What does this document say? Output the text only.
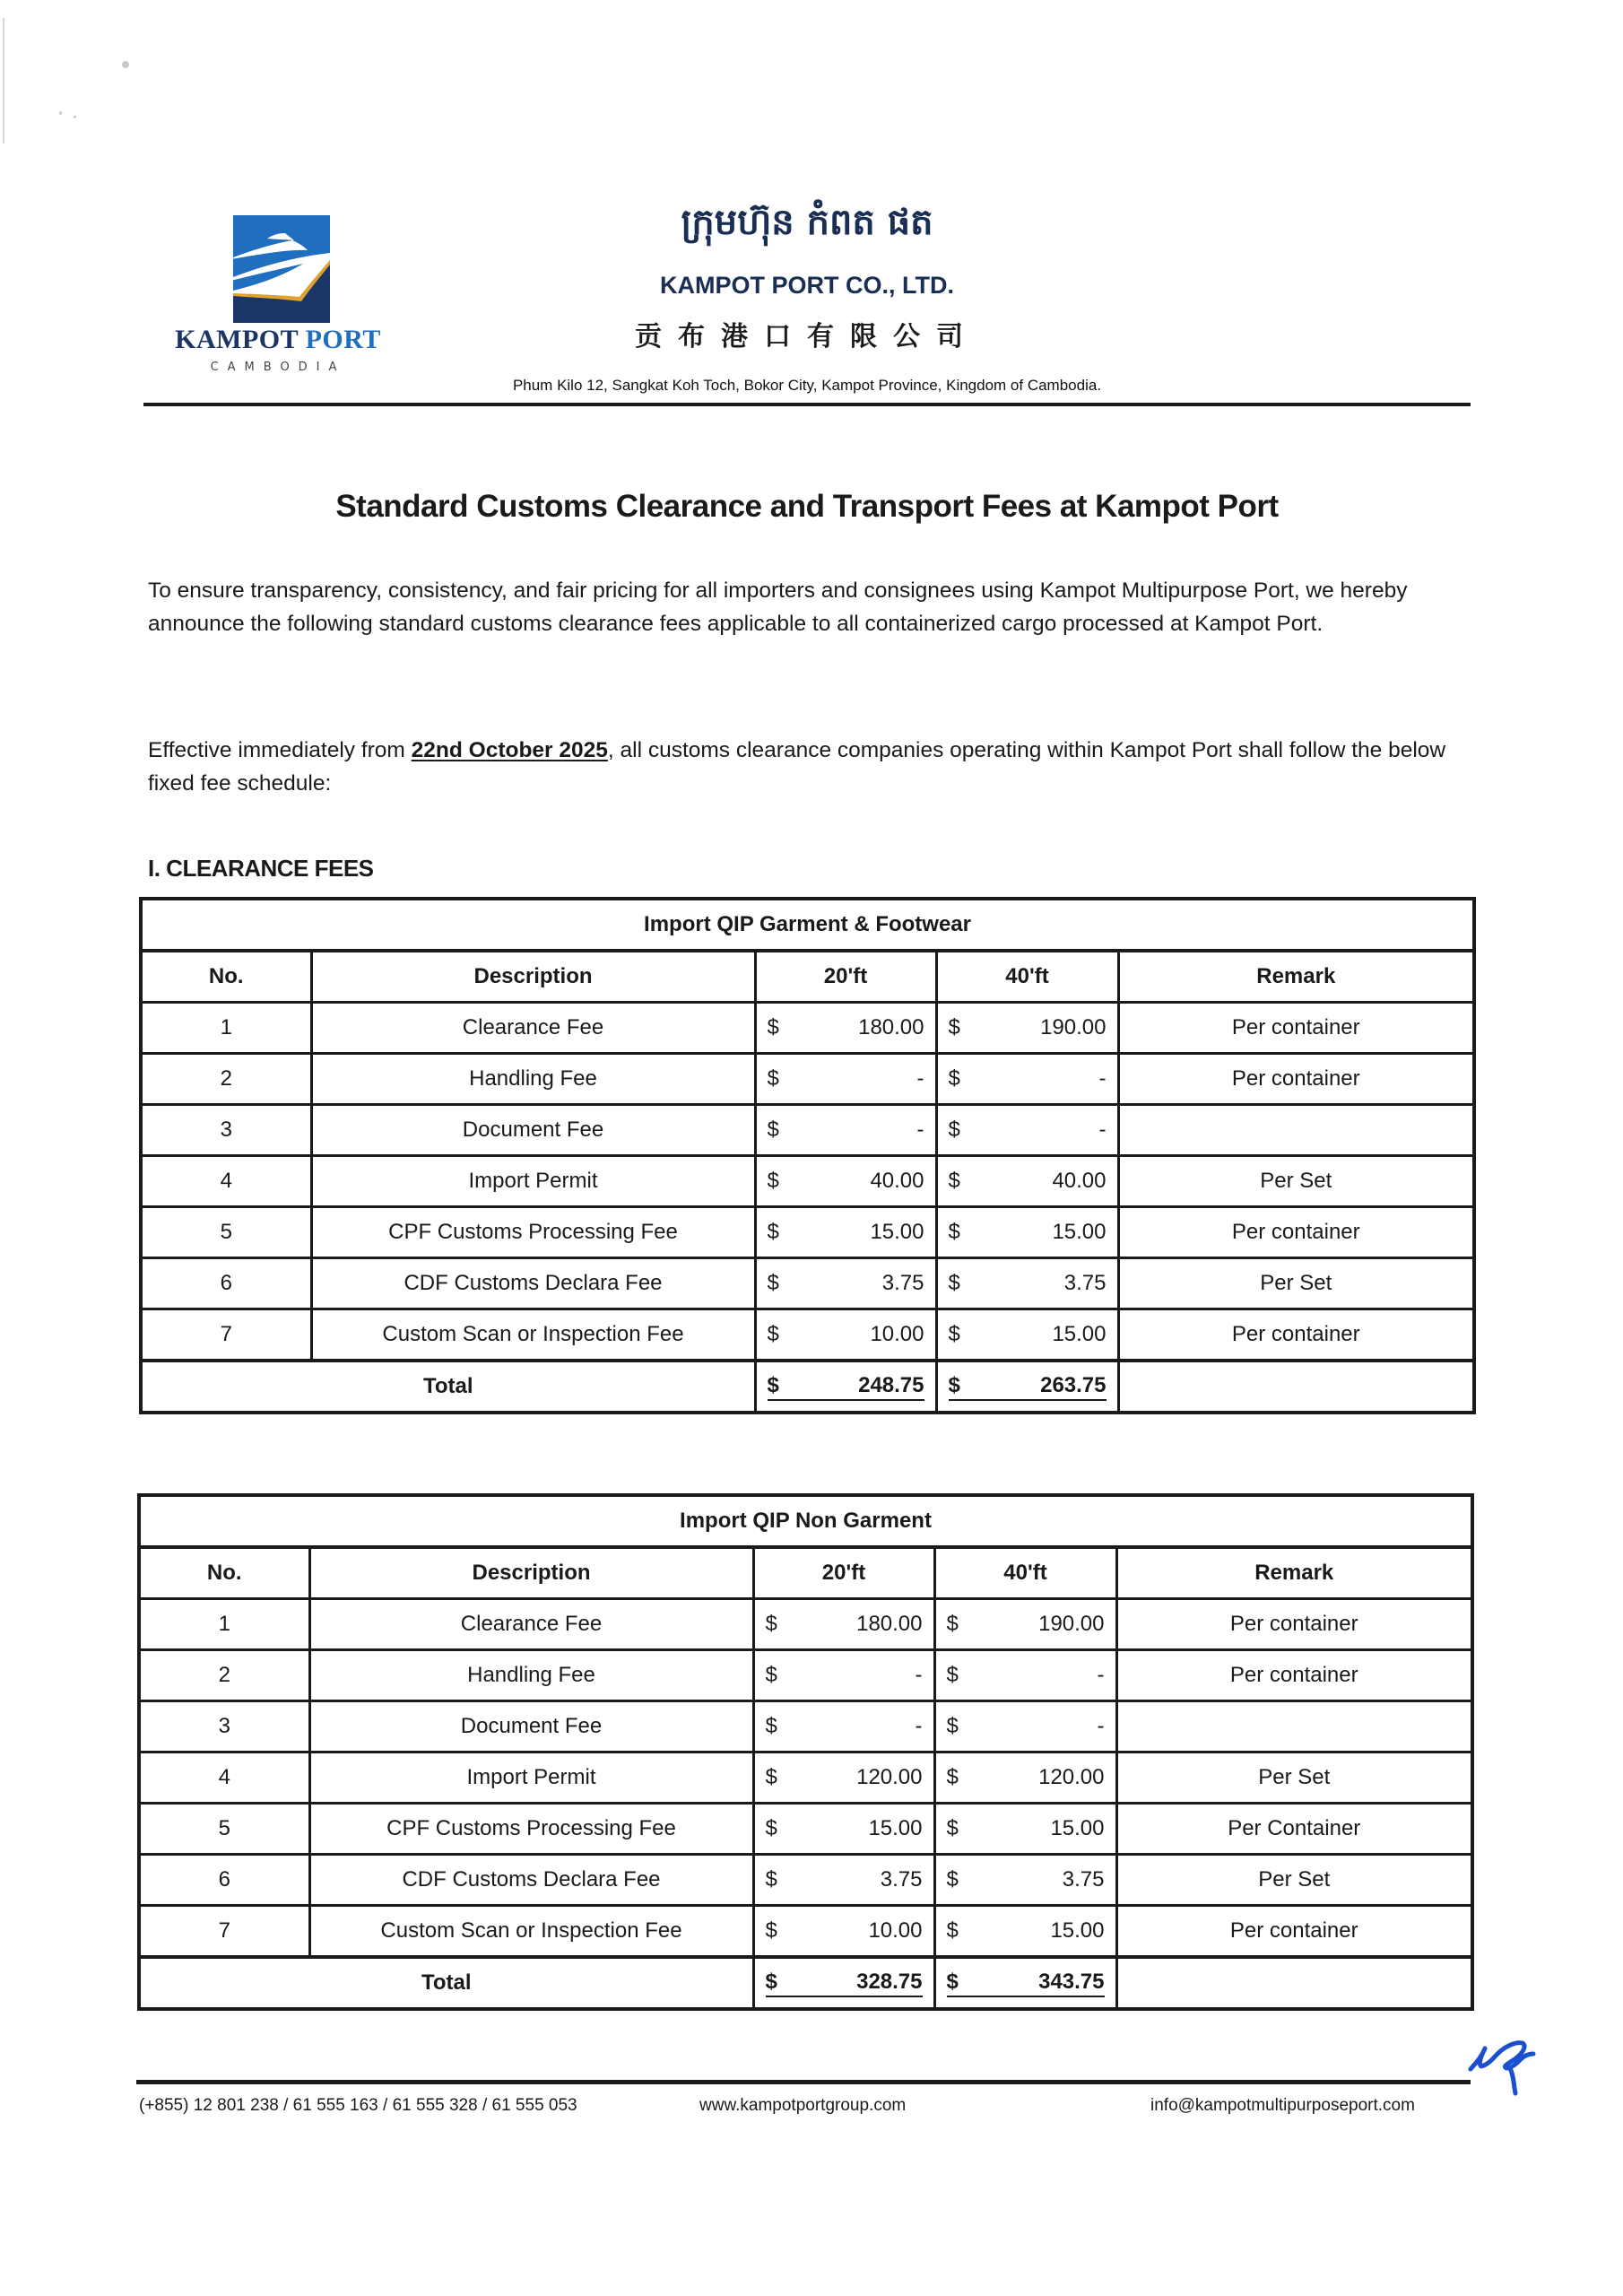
KAMPOT PORT
CAMBODIA
ក្រុមហ៊ុន កំពត ផត
KAMPOT PORT CO., LTD.
贡布港口有限公司
Phum Kilo 12, Sangkat Koh Toch, Bokor City, Kampot Province, Kingdom of Cambodia.
Standard Customs Clearance and Transport Fees at Kampot Port
To ensure transparency, consistency, and fair pricing for all importers and consignees using Kampot Multipurpose Port, we hereby announce the following standard customs clearance fees applicable to all containerized cargo processed at Kampot Port.
Effective immediately from 22nd October 2025, all customs clearance companies operating within Kampot Port shall follow the below fixed fee schedule:
I. CLEARANCE FEES
Import QIP Garment & Footwear				
No.	Description	20'ft	40'ft	Remark
1	Clearance Fee	$ 180.00	$ 190.00	Per container
2	Handling Fee	$ -	$ -	Per container
3	Document Fee	$ -	$ -	

4	Import Permit	$ 40.00	$ 40.00	Per Set
5	CPF Customs Processing Fee	$ 15.00	$ 15.00	Per container
6	CDF Customs Declara Fee	$ 3.75	$ 3.75	Per Set
7	Custom Scan or Inspection Fee	$ 10.00	$ 15.00	Per container
Total		$ 248.75	$ 263.75	

Import QIP Non Garment				
No.	Description	20'ft	40'ft	Remark
1	Clearance Fee	$ 180.00	$ 190.00	Per container
2	Handling Fee	$ -	$ -	Per container
3	Document Fee	$ -	$ -	

4	Import Permit	$ 120.00	$ 120.00	Per Set
5	CPF Customs Processing Fee	$ 15.00	$ 15.00	Per Container
6	CDF Customs Declara Fee	$ 3.75	$ 3.75	Per Set
7	Custom Scan or Inspection Fee	$ 10.00	$ 15.00	Per container
Total		$ 328.75	$ 343.75	

(+855) 12 801 238 / 61 555 163 / 61 555 328 / 61 555 053	www.kampotportgroup.com	info@kampotmultipurposeport.com
